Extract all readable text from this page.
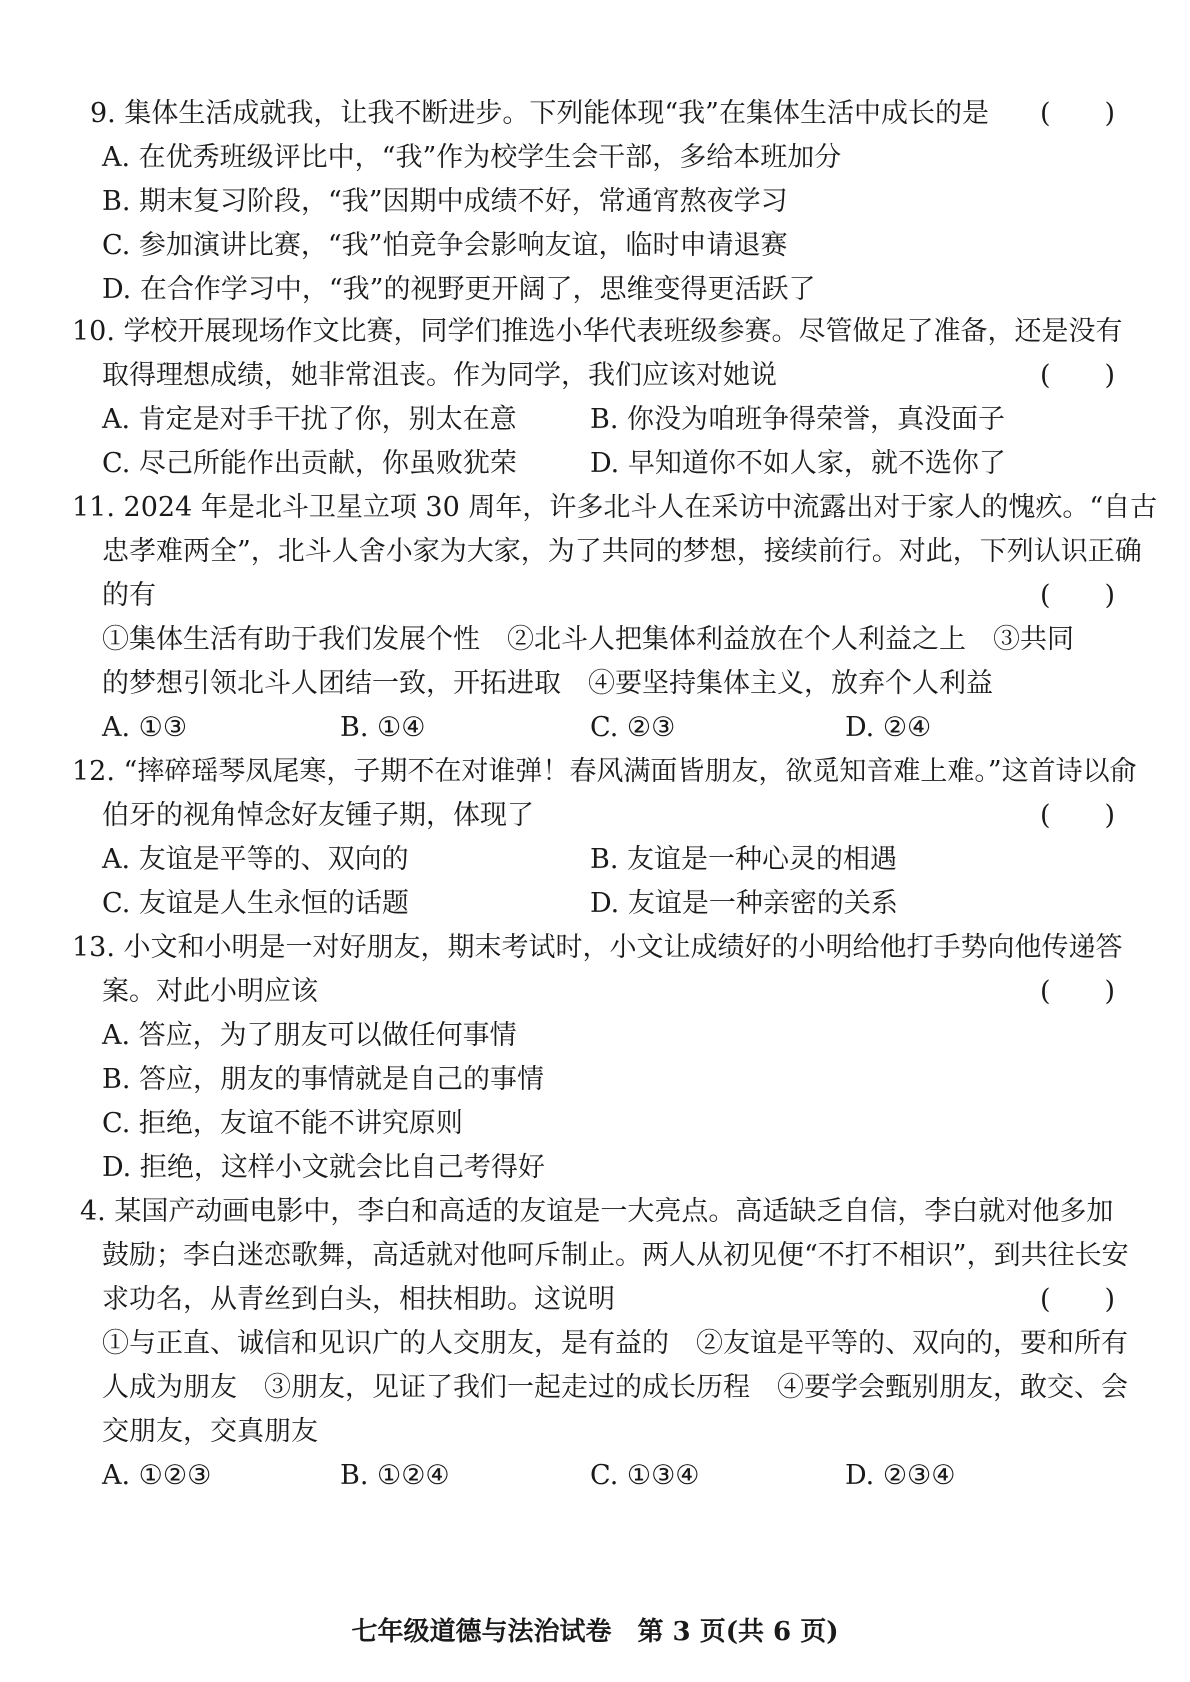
9. 集体生活成就我，让我不断进步。下列能体现“我”在集体生活中成长的是 (　　)
A. 在优秀班级评比中，“我”作为校学生会干部，多给本班加分
B. 期末复习阶段，“我”因期中成绩不好，常通宵熬夜学习
C. 参加演讲比赛，“我”怕竞争会影响友谊，临时申请退赛
D. 在合作学习中，“我”的视野更开阔了，思维变得更活跃了
10. 学校开展现场作文比赛，同学们推选小华代表班级参赛。尽管做足了准备，还是没有
取得理想成绩，她非常沮丧。作为同学，我们应该对她说	(　　)
A. 肯定是对手干扰了你，别太在意	B. 你没为咱班争得荣誉，真没面子
C. 尽己所能作出贡献，你虽败犹荣	D. 早知道你不如人家，就不选你了
11. 2024 年是北斗卫星立项 30 周年，许多北斗人在采访中流露出对于家人的愧疚。“自古
忠孝难两全”，北斗人舍小家为大家，为了共同的梦想，接续前行。对此，下列认识正确
的有	(　　)
①集体生活有助于我们发展个性　②北斗人把集体利益放在个人利益之上　③共同
的梦想引领北斗人团结一致，开拓进取　④要坚持集体主义，放弃个人利益
A. ①③	B. ①④	C. ②③	D. ②④
12. “摔碎瑶琴凤尾寒，子期不在对谁弹！春风满面皆朋友，欲觅知音难上难。”这首诗以俞
伯牙的视角悼念好友锺子期，体现了	(　　)
A. 友谊是平等的、双向的	B. 友谊是一种心灵的相遇
C. 友谊是人生永恒的话题	D. 友谊是一种亲密的关系
13. 小文和小明是一对好朋友，期末考试时，小文让成绩好的小明给他打手势向他传递答
案。对此小明应该	(　　)
A. 答应，为了朋友可以做任何事情
B. 答应，朋友的事情就是自己的事情
C. 拒绝，友谊不能不讲究原则
D. 拒绝，这样小文就会比自己考得好
4. 某国产动画电影中，李白和高适的友谊是一大亮点。高适缺乏自信，李白就对他多加
鼓励；李白迷恋歌舞，高适就对他呵斥制止。两人从初见便“不打不相识”，到共往长安
求功名，从青丝到白头，相扶相助。这说明	(　　)
①与正直、诚信和见识广的人交朋友，是有益的　②友谊是平等的、双向的，要和所有
人成为朋友　③朋友，见证了我们一起走过的成长历程　④要学会甄别朋友，敢交、会
交朋友，交真朋友
A. ①②③	B. ①②④	C. ①③④	D. ②③④
七年级道德与法治试卷　第 3 页(共 6 页)
